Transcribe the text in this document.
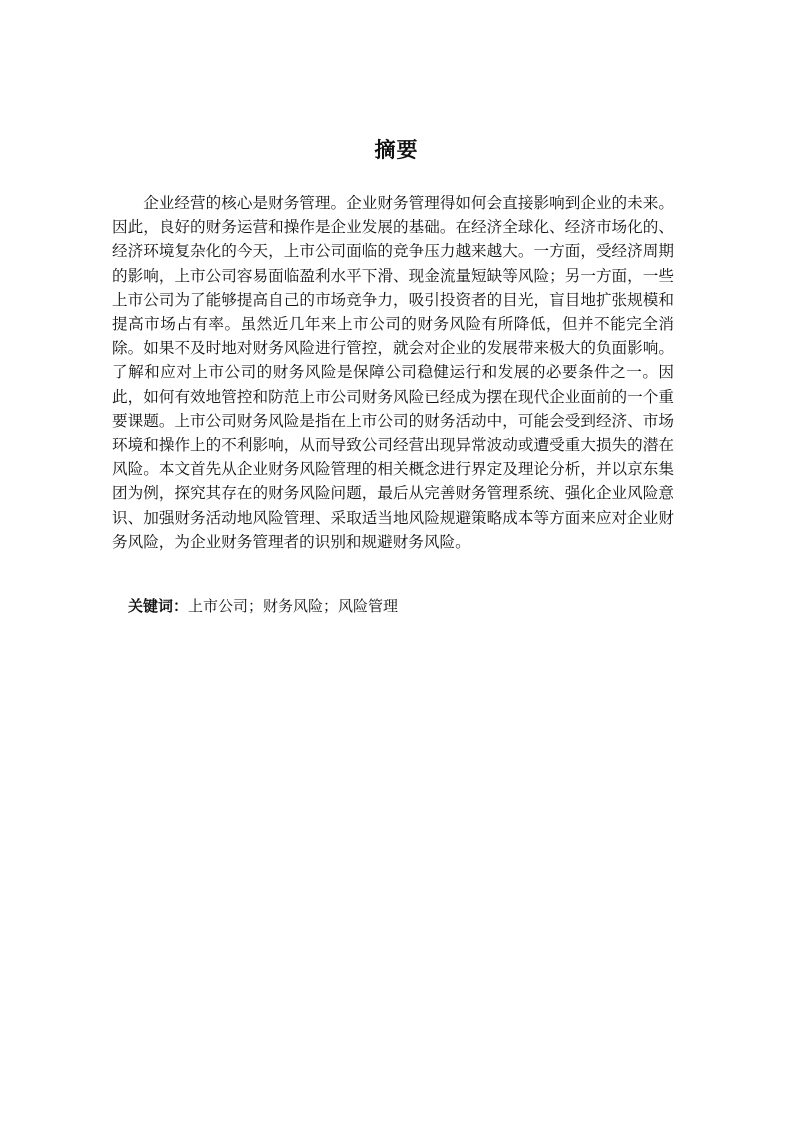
摘要

企业经营的核心是财务管理。企业财务管理得如何会直接影响到企业的未来。因此，良好的财务运营和操作是企业发展的基础。在经济全球化、经济市场化的、经济环境复杂化的今天，上市公司面临的竞争压力越来越大。一方面，受经济周期的影响，上市公司容易面临盈利水平下滑、现金流量短缺等风险；另一方面，一些上市公司为了能够提高自己的市场竞争力，吸引投资者的目光，盲目地扩张规模和提高市场占有率。虽然近几年来上市公司的财务风险有所降低，但并不能完全消除。如果不及时地对财务风险进行管控，就会对企业的发展带来极大的负面影响。了解和应对上市公司的财务风险是保障公司稳健运行和发展的必要条件之一。因此，如何有效地管控和防范上市公司财务风险已经成为摆在现代企业面前的一个重要课题。上市公司财务风险是指在上市公司的财务活动中，可能会受到经济、市场环境和操作上的不利影响，从而导致公司经营出现异常波动或遭受重大损失的潜在风险。本文首先从企业财务风险管理的相关概念进行界定及理论分析，并以京东集团为例，探究其存在的财务风险问题，最后从完善财务管理系统、强化企业风险意识、加强财务活动地风险管理、采取适当地风险规避策略成本等方面来应对企业财务风险，为企业财务管理者的识别和规避财务风险。

关键词：上市公司；财务风险；风险管理
